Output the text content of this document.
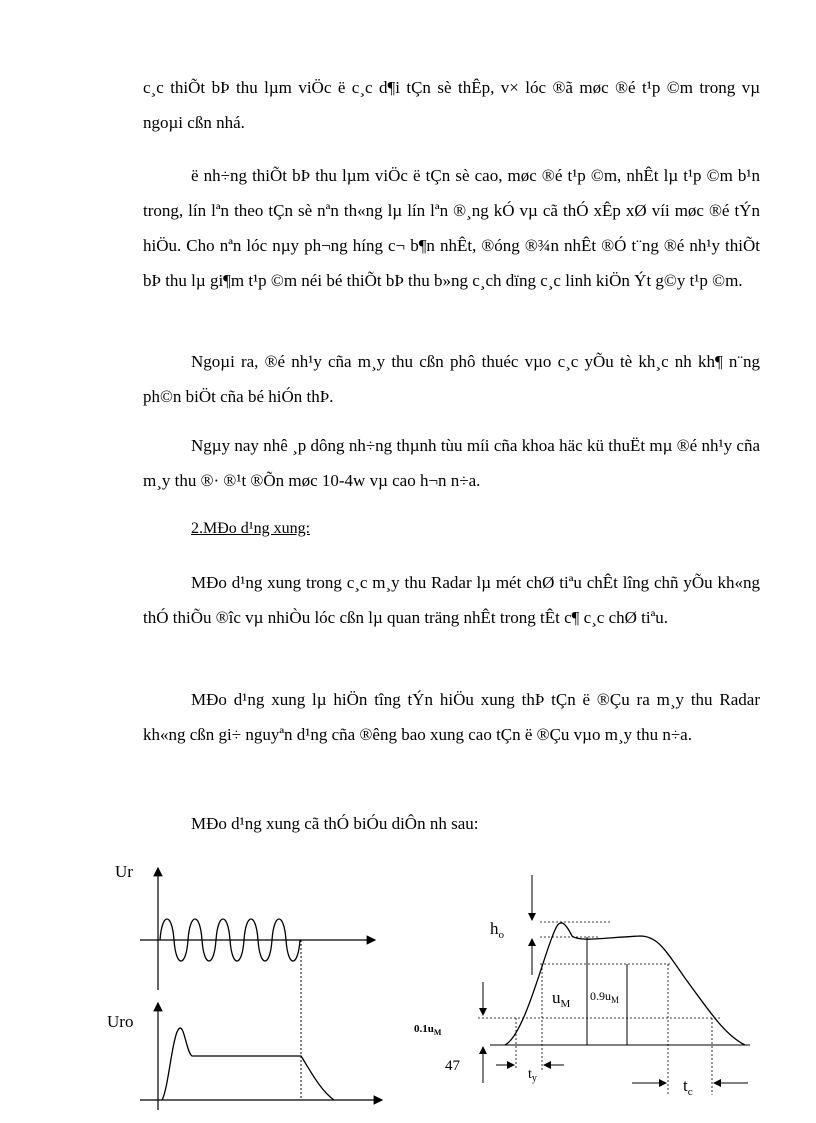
c¸c thiÕt bÞ thu lµm viÖc ë c¸c d¶i tÇn sè thÊp, v× lóc ®ã møc ®é t¹p ©m trong vµ ngoµi cßn nhá.
ë nh÷ng thiÕt bÞ thu lµm viÖc ë tÇn sè cao, møc ®é t¹p ©m, nhÊt lµ t¹p ©m b¹n trong, lín lªn theo tÇn sè nªn th«ng lµ lín lªn ®¸ng kÓ vµ cã thÓ xÊp xØ víi møc ®é tÝn hiÖu. Cho nªn lóc nµy ph¬ng híng c¬ b¶n nhÊt, ®óng ®¾n nhÊt ®Ó t¨ng ®é nh¹y thiÕt bÞ thu lµ gi¶m t¹p ©m néi bé thiÕt bÞ thu b»ng c¸ch dïng c¸c linh kiÖn Ýt g©y t¹p ©m.
Ngoµi ra, ®é nh¹y cña m¸y thu cßn phô thuéc vµo c¸c yÕu tè kh¸c nh kh¶ n¨ng ph©n biÖt cña bé hiÓn thÞ.
Ngµy nay nhê ¸p dông nh÷ng thµnh tùu míi cña khoa häc kü thuËt mµ ®é nh¹y cña m¸y thu ®· ®¹t ®Õn møc 10-4w vµ cao h¬n n÷a.
2.MÐo d¹ng xung:
MÐo d¹ng xung trong c¸c m¸y thu Radar lµ mét chØ tiªu chÊt lîng chñ yÕu kh«ng thÓ thiÕu ®îc vµ nhiÒu lóc cßn lµ quan träng nhÊt trong tÊt c¶ c¸c chØ tiªu.
MÐo d¹ng xung lµ hiÖn tîng tÝn hiÖu xung thÞ tÇn ë ®Çu ra m¸y thu Radar kh«ng cßn gi÷ nguyªn d¹ng cña ®êng bao xung cao tÇn ë ®Çu vµo m¸y thu n÷a.
MÐo d¹ng xung cã thÓ biÓu diÔn nh sau:
Ur
Uro
$h_o$
$u_M$
$0.9u_M$
$0.1u_M$
47
$t_y$	$t_c$
